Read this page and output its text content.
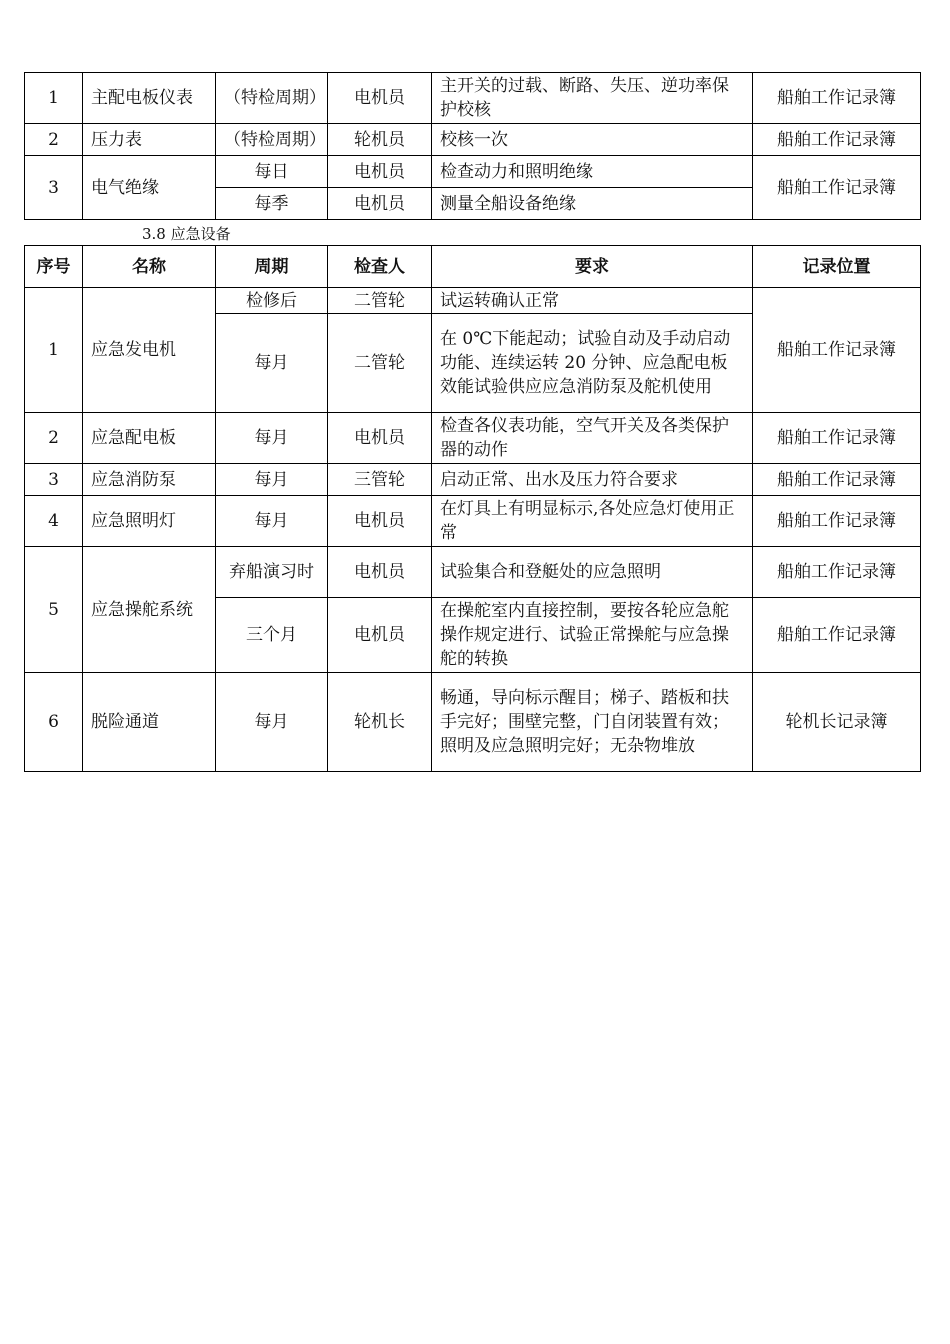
1	主配电板仪表	（特检周期）	电机员	主开关的过载、断路、失压、逆功率保护校核	船舶工作记录簿
2	压力表	（特检周期）	轮机员	校核一次	船舶工作记录簿
3	电气绝缘	每日	电机员	检查动力和照明绝缘	船舶工作记录簿
		每季	电机员	测量全船设备绝缘	
3.8 应急设备
序号	名称	周期	检查人	要求	记录位置
1	应急发电机	检修后	二管轮	试运转确认正常	船舶工作记录簿
		每月	二管轮	在 0℃下能起动；试验自动及手动启动功能、连续运转 20 分钟、应急配电板效能试验供应应急消防泵及舵机使用	
2	应急配电板	每月	电机员	检查各仪表功能，空气开关及各类保护器的动作	船舶工作记录簿
3	应急消防泵	每月	三管轮	启动正常、出水及压力符合要求	船舶工作记录簿
4	应急照明灯	每月	电机员	在灯具上有明显标示,各处应急灯使用正常	船舶工作记录簿
5	应急操舵系统	弃船演习时	电机员	试验集合和登艇处的应急照明	船舶工作记录簿
		三个月	电机员	在操舵室内直接控制，要按各轮应急舵操作规定进行、试验正常操舵与应急操舵的转换	船舶工作记录簿
6	脱险通道	每月	轮机长	畅通，导向标示醒目；梯子、踏板和扶手完好；围壁完整，门自闭装置有效；照明及应急照明完好；无杂物堆放	轮机长记录簿
